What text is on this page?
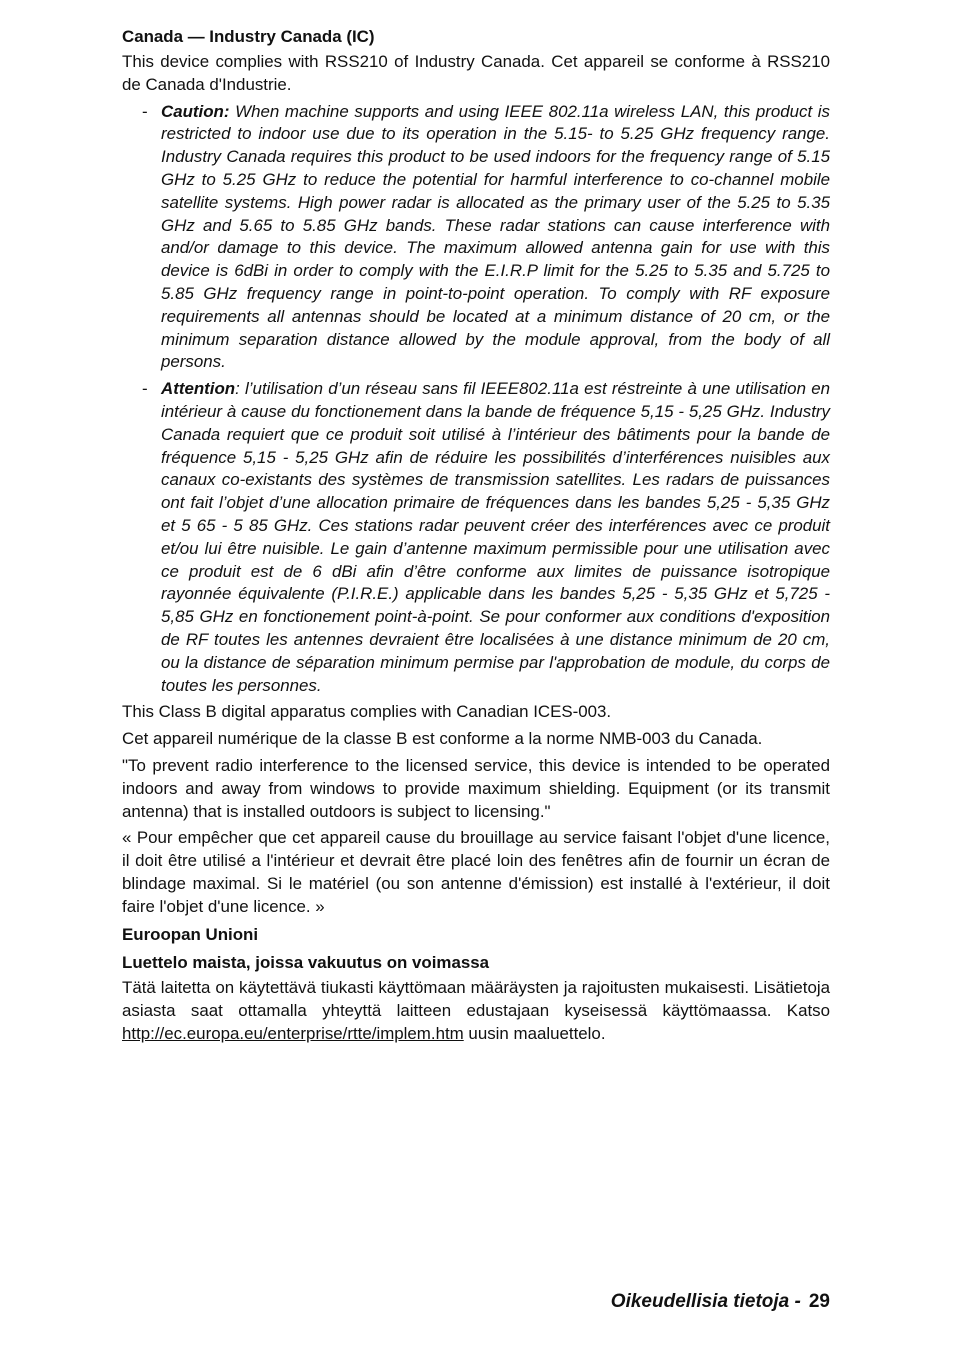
Canada — Industry Canada (IC)

This device complies with RSS210 of Industry Canada. Cet appareil se conforme à RSS210 de Canada d'Industrie.

- Caution: When machine supports and using IEEE 802.11a wireless LAN, this product is restricted to indoor use due to its operation in the 5.15- to 5.25 GHz frequency range. Industry Canada requires this product to be used indoors for the frequency range of 5.15 GHz to 5.25 GHz to reduce the potential for harmful interference to co-channel mobile satellite systems. High power radar is allocated as the primary user of the 5.25 to 5.35 GHz and 5.65 to 5.85 GHz bands. These radar stations can cause interference with and/or damage to this device. The maximum allowed antenna gain for use with this device is 6dBi in order to comply with the E.I.R.P limit for the 5.25 to 5.35 and 5.725 to 5.85 GHz frequency range in point-to-point operation. To comply with RF exposure requirements all antennas should be located at a minimum distance of 20 cm, or the minimum separation distance allowed by the module approval, from the body of all persons.
- Attention: l’utilisation d’un réseau sans fil IEEE802.11a est réstreinte à une utilisation en intérieur à cause du fonctionement dans la bande de fréquence 5,15 - 5,25 GHz. Industry Canada requiert que ce produit soit utilisé à l’intérieur des bâtiments pour la bande de fréquence 5,15 - 5,25 GHz afin de réduire les possibilités d’interférences nuisibles aux canaux co-existants des systèmes de transmission satellites. Les radars de puissances ont fait l’objet d’une allocation primaire de fréquences dans les bandes 5,25 - 5,35 GHz et 5 65 - 5 85 GHz. Ces stations radar peuvent créer des interférences avec ce produit et/ou lui être nuisible. Le gain d’antenne maximum permissible pour une utilisation avec ce produit est de 6 dBi afin d’être conforme aux limites de puissance isotropique rayonnée équivalente (P.I.R.E.) applicable dans les bandes 5,25 - 5,35 GHz et 5,725 - 5,85 GHz en fonctionement point-à-point. Se pour conformer aux conditions d'exposition de RF toutes les antennes devraient être localisées à une distance minimum de 20 cm, ou la distance de séparation minimum permise par l'approbation de module, du corps de toutes les personnes.

This Class B digital apparatus complies with Canadian ICES-003.

Cet appareil numérique de la classe B est conforme a la norme NMB-003 du Canada.

"To prevent radio interference to the licensed service, this device is intended to be operated indoors and away from windows to provide maximum shielding. Equipment (or its transmit antenna) that is installed outdoors is subject to licensing."

« Pour empêcher que cet appareil cause du brouillage au service faisant l'objet d'une licence, il doit être utilisé a l'intérieur et devrait être placé loin des fenêtres afin de fournir un écran de blindage maximal. Si le matériel (ou son antenne d'émission) est installé à l'extérieur, il doit faire l'objet d'une licence. »

Euroopan Unioni
Luettelo maista, joissa vakuutus on voimassa

Tätä laitetta on käytettävä tiukasti käyttömaan määräysten ja rajoitusten mukaisesti. Lisätietoja asiasta saat ottamalla yhteyttä laitteen edustajaan kyseisessä käyttömaassa. Katso http://ec.europa.eu/enterprise/rtte/implem.htm uusin maaluettelo.

Oikeudellisia tietoja - 29
